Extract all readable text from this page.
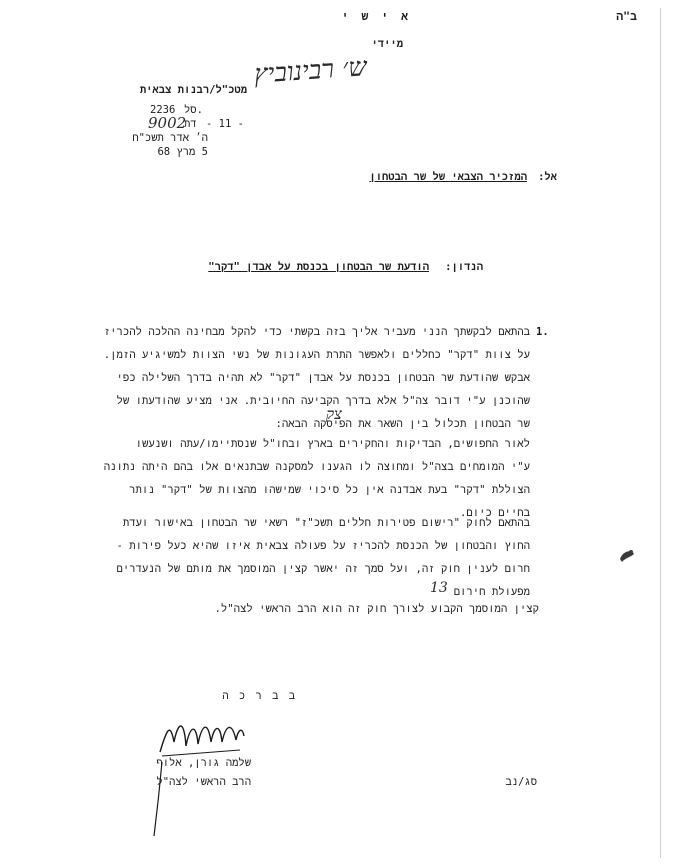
ב"ה
א י ש י
מיידי
ש׳ רבינוביץ
מטכ"ל/רבנות צבאית
סל.
2236
דת - 11 -
9002
ה׳ אדר תשכ"ח
5 מרץ 68
אל:
המזכיר הצבאי של שר הבטחון
הנדון:
הודעת שר הבטחון בכנסת על אבדן "דקר"
1.

בהתאם לבקשתך הנני מעביר אליך בזה בקשתי כדי להקל מבחינה ההלכה להכריז

על צוות "דקר" כחללים ולאפשר התרת העגונות של נשי הצוות למשיגיע הזמן.

אבקש שהודעת שר הבטחון בכנסת על אבדן "דקר" לא תהיה בדרך השלילה כפי

שהוכנן ע"י דובר צה"ל אלא בדרך הקביעה החיובית. אני מציע שהודעתו של

שר הבטחון תכלול בין השאר את הפיסקה הבאה:

צק

לאור החפושים, הבדיקות והחקירים בארץ ובחו"ל שנסתיימו/עתה ושנעשו

ע"י המומחים בצה"ל ומחוצה לו הגענו למסקנה שבתנאים אלו בהם היתה נתונה

הצוללת "דקר" בעת אבדנה אין כל סיכוי שמישהו מהצוות של "דקר" נותר

בחיים כיום.

בהתאם לחוק "רישום פטירות חללים תשכ"ז" רשאי שר הבטחון באישור ועדת

החוץ והבטחון של הכנסת להכריז על פעולה צבאית איזו שהיא כעל פירות -

חרום לענין חוק זה, ועל סמך זה יאשר קצין המוסמך את מותם של הנעדרים

מפעולת חירום

13
קצין המוסמך הקבוע לצורך חוק זה הוא הרב הראשי לצה"ל.
ב ב ר כ ה
שלמה גורן, אלוף
הרב הראשי לצה"ל	סג/נב
